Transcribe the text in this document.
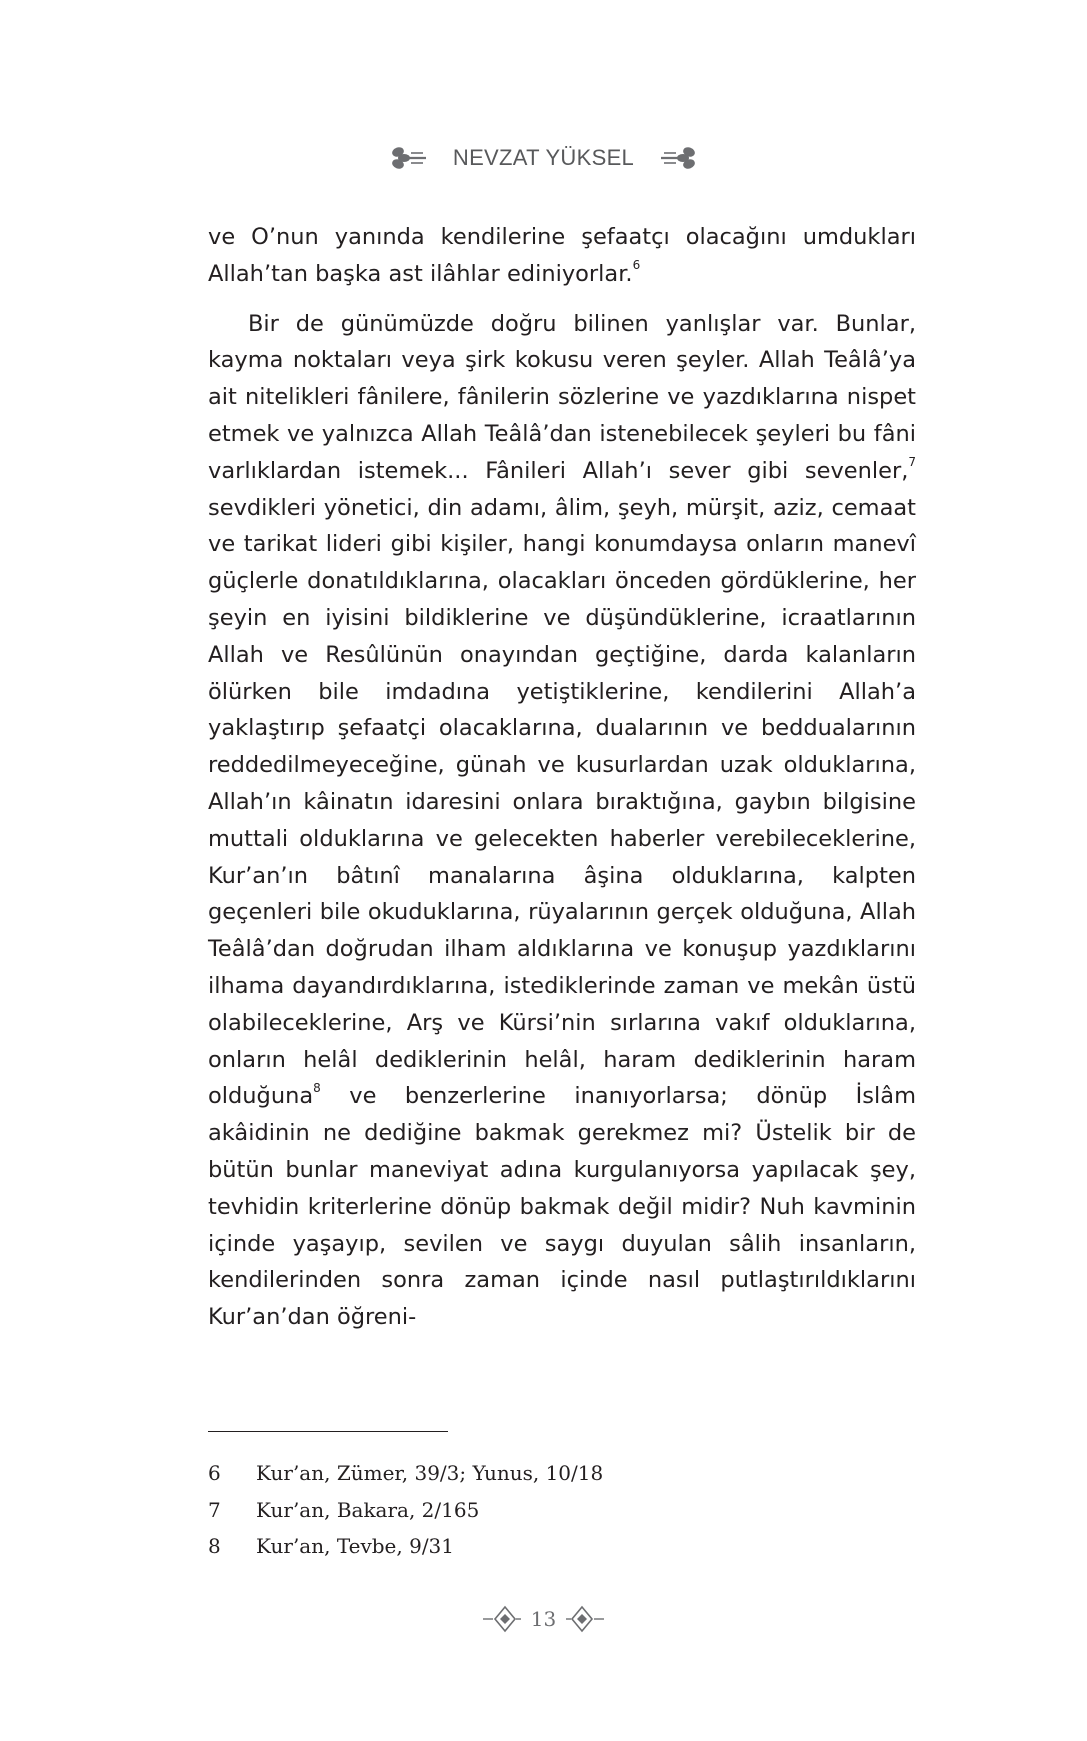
NEVZAT YÜKSEL

ve O’nun yanında kendilerine şefaatçı olacağını umdukları Allah’tan başka ast ilâhlar ediniyorlar.$^6$

Bir de günümüzde doğru bilinen yanlışlar var. Bunlar, kayma noktaları veya şirk kokusu veren şeyler. Allah Teâlâ’ya ait nitelikleri fânilere, fânilerin sözlerine ve yazdıklarına nispet etmek ve yalnızca Allah Teâlâ’dan istenebilecek şeyleri bu fâni varlıklardan istemek... Fânileri Allah’ı sever gibi sevenler,$^7$ sevdikleri yönetici, din adamı, âlim, şeyh, mürşit, aziz, cemaat ve tarikat lideri gibi kişiler, hangi konumdaysa onların manevî güçlerle donatıldıklarına, olacakları önceden gördüklerine, her şeyin en iyisini bildiklerine ve düşündüklerine, icraatlarının Allah ve Resûlünün onayından geçtiğine, darda kalanların ölürken bile imdadına yetiştiklerine, kendilerini Allah’a yaklaştırıp şefaatçi olacaklarına, dualarının ve beddualarının reddedilmeyeceğine, günah ve kusurlardan uzak olduklarına, Allah’ın kâinatın idaresini onlara bıraktığına, gaybın bilgisine muttali olduklarına ve gelecekten haberler verebileceklerine, Kur’an’ın bâtınî manalarına âşina olduklarına, kalpten geçenleri bile okuduklarına, rüyalarının gerçek olduğuna, Allah Teâlâ’dan doğrudan ilham aldıklarına ve konuşup yazdıklarını ilhama dayandırdıklarına, istediklerinde zaman ve mekân üstü olabileceklerine, Arş ve Kürsi’nin sırlarına vakıf olduklarına, onların helâl dediklerinin helâl, haram dediklerinin haram olduğuna$^8$ ve benzerlerine inanıyorlarsa; dönüp İslâm akâidinin ne dediğine bakmak gerekmez mi? Üstelik bir de bütün bunlar maneviyat adına kurgulanıyorsa yapılacak şey, tevhidin kriterlerine dönüp bakmak değil midir? Nuh kavminin içinde yaşayıp, sevilen ve saygı duyulan sâlih insanların, kendilerinden sonra zaman içinde nasıl putlaştırıldıklarını Kur’an’dan öğreni-

6	Kur’an, Zümer, 39/3; Yunus, 10/18
7	Kur’an, Bakara, 2/165
8	Kur’an, Tevbe, 9/31
13
